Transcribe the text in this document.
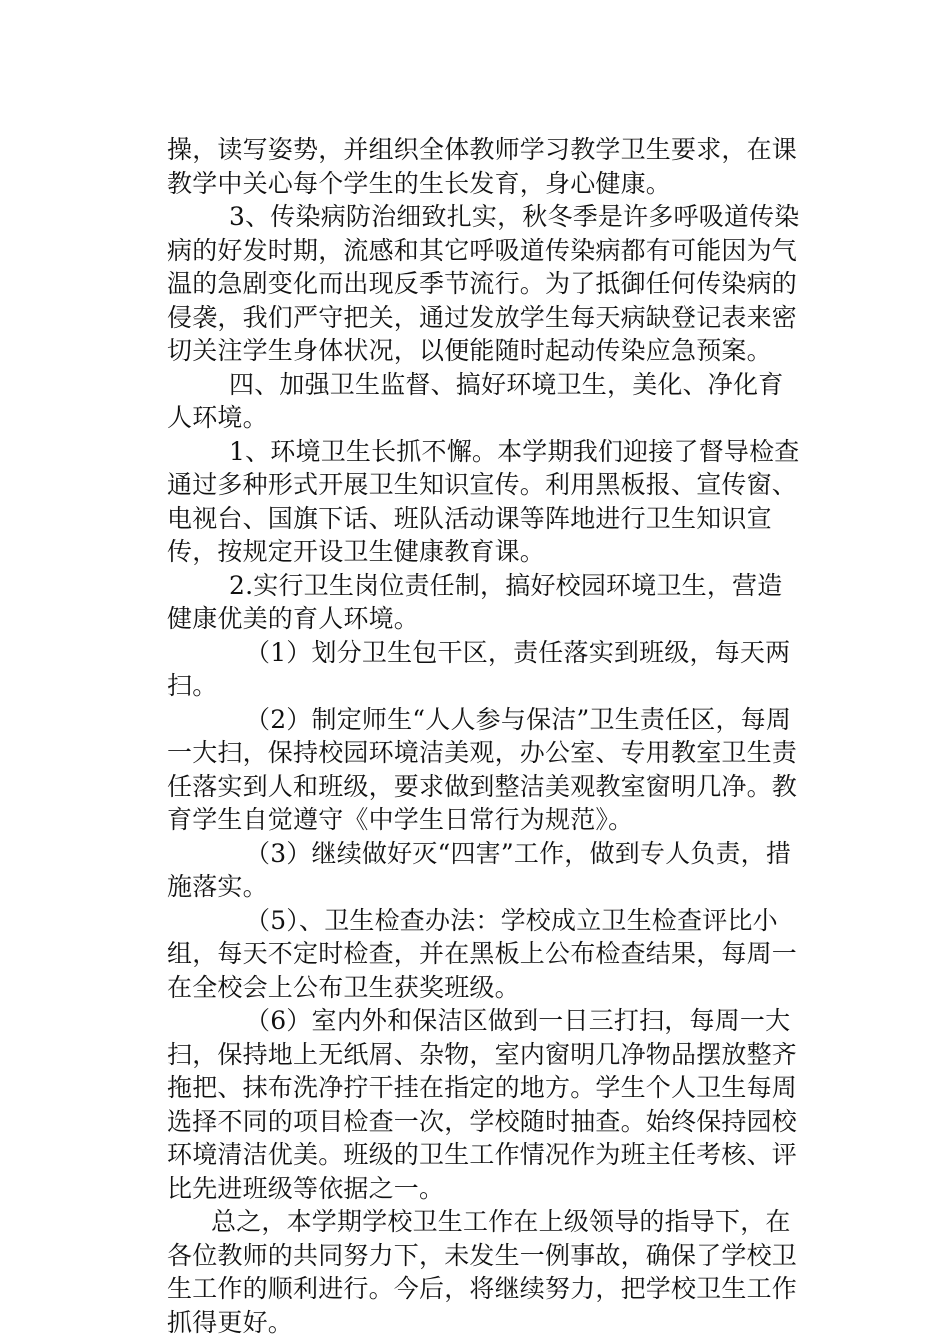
操，读写姿势，并组织全体教师学习教学卫生要求，在课教学中关心每个学生的生长发育，身心健康。

3、传染病防治细致扎实，秋冬季是许多呼吸道传染病的好发时期，流感和其它呼吸道传染病都有可能因为气温的急剧变化而出现反季节流行。为了抵御任何传染病的侵袭，我们严守把关，通过发放学生每天病缺登记表来密切关注学生身体状况，以便能随时起动传染应急预案。

四、加强卫生监督、搞好环境卫生，美化、净化育人环境。

1、环境卫生长抓不懈。本学期我们迎接了督导检查通过多种形式开展卫生知识宣传。利用黑板报、宣传窗、电视台、国旗下话、班队活动课等阵地进行卫生知识宣传，按规定开设卫生健康教育课。

2.实行卫生岗位责任制，搞好校园环境卫生，营造健康优美的育人环境。

（1）划分卫生包干区，责任落实到班级，每天两扫。

（2）制定师生“人人参与保洁”卫生责任区，每周一大扫，保持校园环境洁美观，办公室、专用教室卫生责任落实到人和班级，要求做到整洁美观教室窗明几净。教育学生自觉遵守《中学生日常行为规范》。

（3）继续做好灭“四害”工作，做到专人负责，措施落实。

（5）、卫生检查办法：学校成立卫生检查评比小组，每天不定时检查，并在黑板上公布检查结果，每周一在全校会上公布卫生获奖班级。

（6）室内外和保洁区做到一日三打扫，每周一大扫，保持地上无纸屑、杂物，室内窗明几净物品摆放整齐拖把、抹布洗净拧干挂在指定的地方。学生个人卫生每周选择不同的项目检查一次，学校随时抽查。始终保持园校环境清洁优美。班级的卫生工作情况作为班主任考核、评比先进班级等依据之一。

总之，本学期学校卫生工作在上级领导的指导下，在各位教师的共同努力下，未发生一例事故，确保了学校卫生工作的顺利进行。今后，将继续努力，把学校卫生工作抓得更好。
